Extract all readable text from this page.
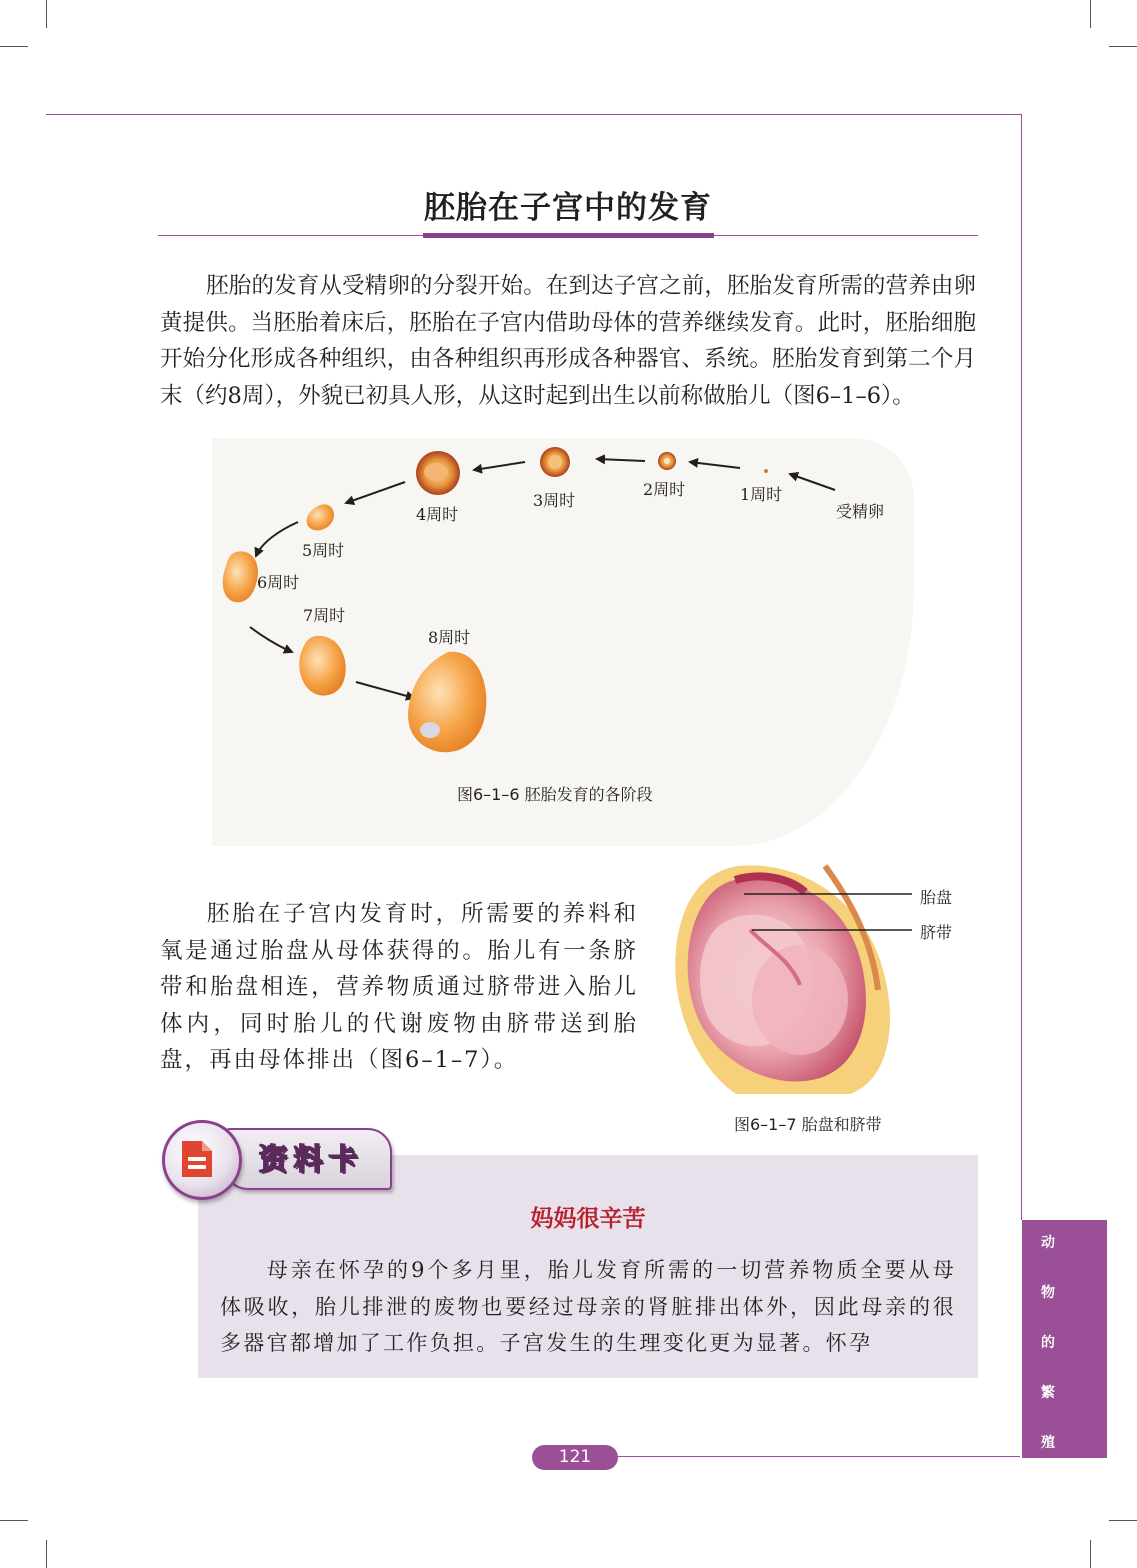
胚胎在子宫中的发育
胚胎的发育从受精卵的分裂开始。在到达子宫之前，胚胎发育所需的营养由卵黄提供。当胚胎着床后，胚胎在子宫内借助母体的营养继续发育。此时，胚胎细胞开始分化形成各种组织，由各种组织再形成各种器官、系统。胚胎发育到第二个月末（约8周），外貌已初具人形，从这时起到出生以前称做胎儿（图6–1–6）。
受精卵
1周时
2周时
3周时
4周时
5周时
6周时
7周时
8周时
图6–1–6 胚胎发育的各阶段
胚胎在子宫内发育时，所需要的养料和氧是通过胎盘从母体获得的。胎儿有一条脐带和胎盘相连，营养物质通过脐带进入胎儿体内，同时胎儿的代谢废物由脐带送到胎盘，再由母体排出（图6–1–7）。
胎盘
脐带
图6–1–7 胎盘和脐带
资料卡
妈妈很辛苦
母亲在怀孕的9个多月里，胎儿发育所需的一切营养物质全要从母体吸收，胎儿排泄的废物也要经过母亲的肾脏排出体外，因此母亲的很多器官都增加了工作负担。子宫发生的生理变化更为显著。怀孕
动
物
的
繁
殖
121
